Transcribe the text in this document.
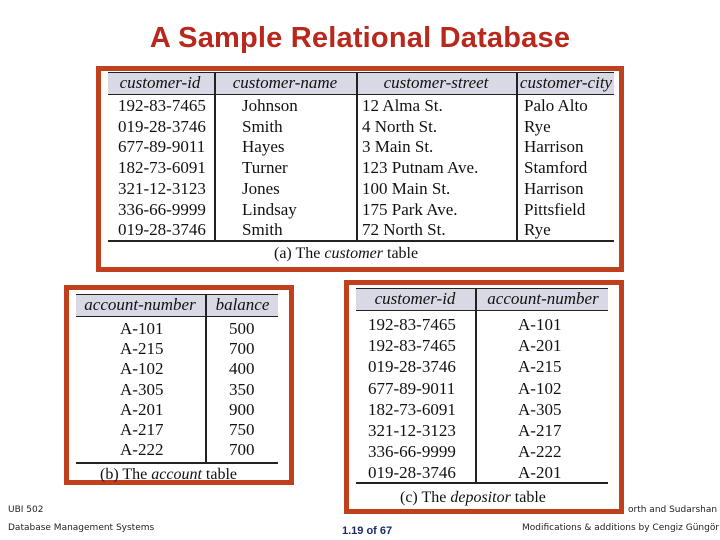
A Sample Relational Database
customer-id	customer-name	customer-street	customer-city
192-83-7465 Johnson	12 Alma St.	Palo Alto
019-28-3746 Smith	4 North St.	Rye
677-89-9011 Hayes	3 Main St.	Harrison
182-73-6091 Turner	123 Putnam Ave.	Stamford
321-12-3123 Jones	100 Main St.	Harrison
336-66-9999 Lindsay	175 Park Ave.	Pittsfield
019-28-3746 Smith	72 North St.	Rye
(a) The customer table
account-number	balance
A-101	500
A-215	700
A-102	400
A-305	350
A-201	900
A-217	750
A-222	700
(b) The account table
customer-id	account-number
192-83-7465	A-101
192-83-7465	A-201
019-28-3746	A-215
677-89-9011	A-102
182-73-6091	A-305
321-12-3123	A-217
336-66-9999	A-222
019-28-3746	A-201
(c) The depositor table
UBI 502
Database Management Systems	1.19 of 67
orth and Sudarshan
Modifications & additions by Cengiz Güngör
